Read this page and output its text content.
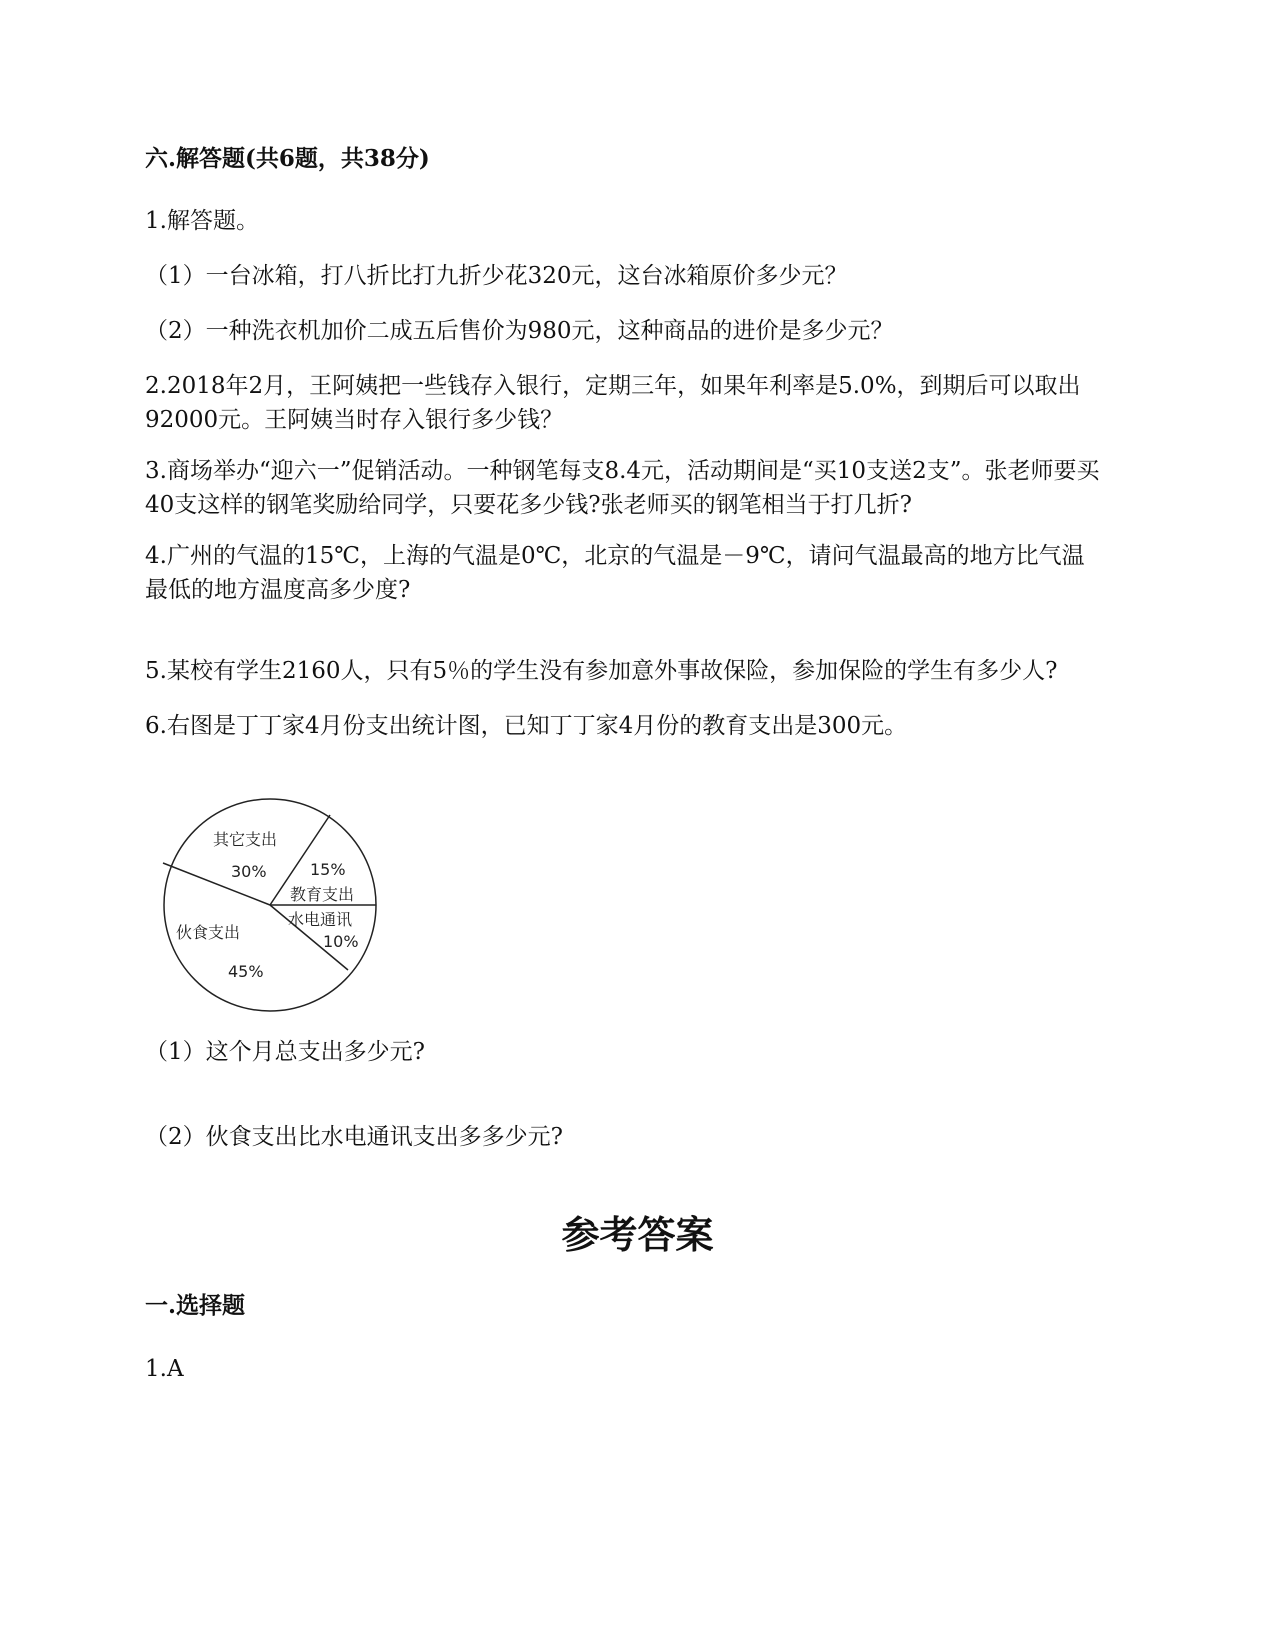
六.解答题(共6题，共38分)

1.解答题。

（1）一台冰箱，打八折比打九折少花320元，这台冰箱原价多少元？

（2）一种洗衣机加价二成五后售价为980元，这种商品的进价是多少元？

2.2018年2月，王阿姨把一些钱存入银行，定期三年，如果年利率是5.0%，到期后可以取出92000元。王阿姨当时存入银行多少钱？

3.商场举办“迎六一”促销活动。一种钢笔每支8.4元，活动期间是“买10支送2支”。张老师要买40支这样的钢笔奖励给同学，只要花多少钱?张老师买的钢笔相当于打几折?

4.广州的气温的15℃，上海的气温是0℃，北京的气温是－9℃，请问气温最高的地方比气温最低的地方温度高多少度?

5.某校有学生2160人，只有5％的学生没有参加意外事故保险，参加保险的学生有多少人?

6.右图是丁丁家4月份支出统计图，已知丁丁家4月份的教育支出是300元。

其它支出
30%	15%
教育支出
水电通讯
10%
伙食支出
45%

（1）这个月总支出多少元?

（2）伙食支出比水电通讯支出多多少元?

参考答案
一.选择题

1.A
